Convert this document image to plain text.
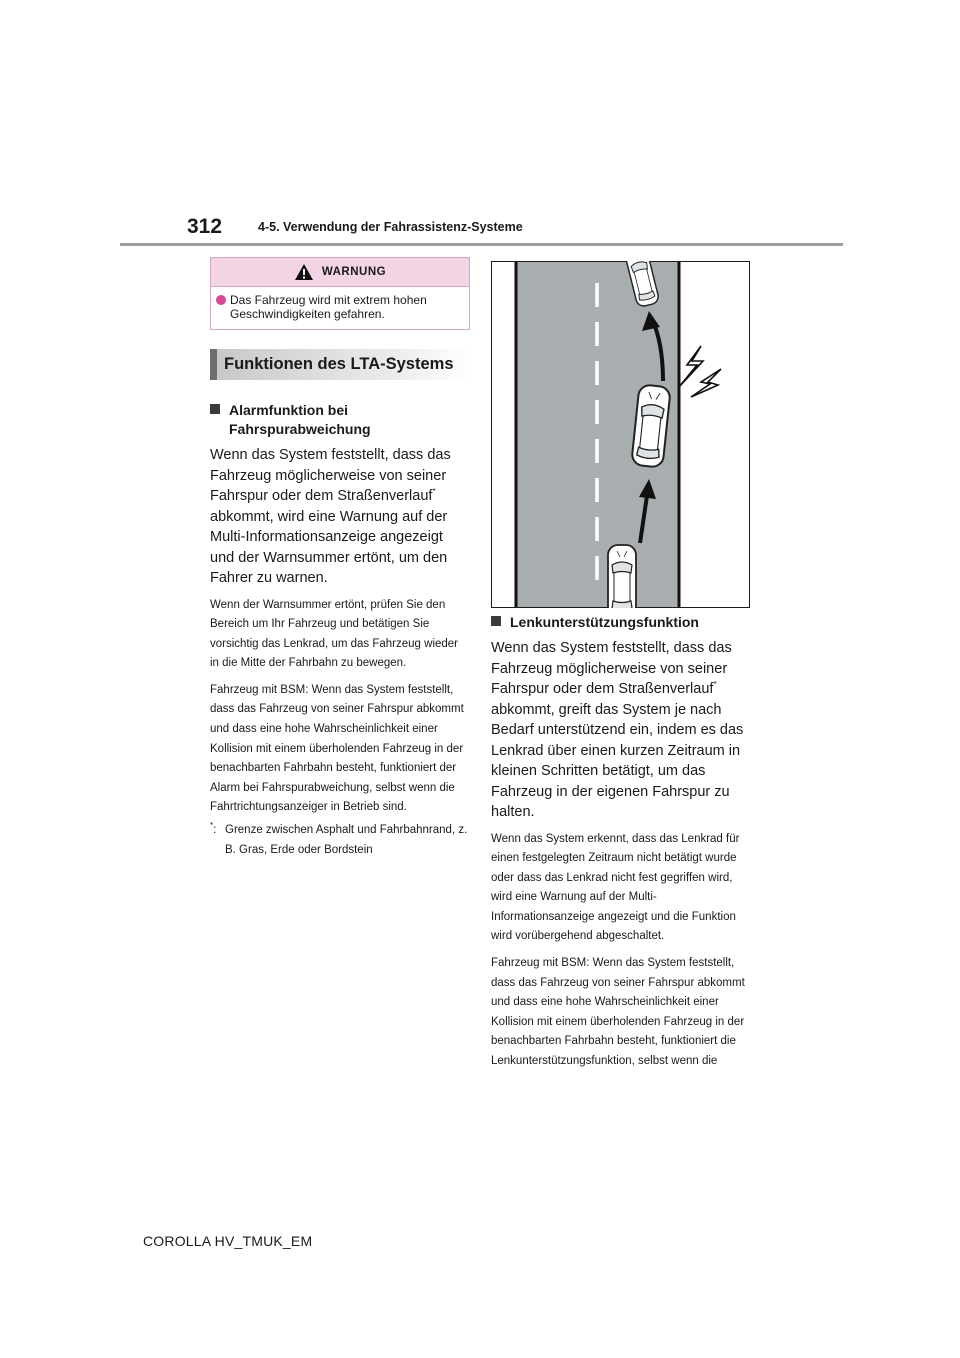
312	4-5. Verwendung der Fahrassistenz-Systeme
WARNUNG
Das Fahrzeug wird mit extrem hohen Geschwindigkeiten gefahren.
Funktionen des LTA-Systems
Alarmfunktion bei Fahrspurabweichung

Wenn das System feststellt, dass das Fahrzeug möglicherweise von seiner Fahrspur oder dem Straßenverlauf* abkommt, wird eine Warnung auf der Multi-Informationsanzeige angezeigt und der Warnsummer ertönt, um den Fahrer zu warnen.

Wenn der Warnsummer ertönt, prüfen Sie den Bereich um Ihr Fahrzeug und betätigen Sie vorsichtig das Lenkrad, um das Fahrzeug wieder in die Mitte der Fahrbahn zu bewegen.

Fahrzeug mit BSM: Wenn das System feststellt, dass das Fahrzeug von seiner Fahrspur abkommt und dass eine hohe Wahrscheinlichkeit einer Kollision mit einem überholenden Fahrzeug in der benachbarten Fahrbahn besteht, funktioniert der Alarm bei Fahrspurabweichung, selbst wenn die Fahrtrichtungsanzeiger in Betrieb sind.

*: Grenze zwischen Asphalt und Fahrbahnrand, z. B. Gras, Erde oder Bordstein
Lenkunterstützungsfunktion

Wenn das System feststellt, dass das Fahrzeug möglicherweise von seiner Fahrspur oder dem Straßenverlauf* abkommt, greift das System je nach Bedarf unterstützend ein, indem es das Lenkrad über einen kurzen Zeitraum in kleinen Schritten betätigt, um das Fahrzeug in der eigenen Fahrspur zu halten.

Wenn das System erkennt, dass das Lenkrad für einen festgelegten Zeitraum nicht betätigt wurde oder dass das Lenkrad nicht fest gegriffen wird, wird eine Warnung auf der Multi-Informationsanzeige angezeigt und die Funktion wird vorübergehend abgeschaltet.

Fahrzeug mit BSM: Wenn das System feststellt, dass das Fahrzeug von seiner Fahrspur abkommt und dass eine hohe Wahrscheinlichkeit einer Kollision mit einem überholenden Fahrzeug in der benachbarten Fahrbahn besteht, funktioniert die Lenkunterstützungsfunktion, selbst wenn die

COROLLA HV_TMUK_EM
